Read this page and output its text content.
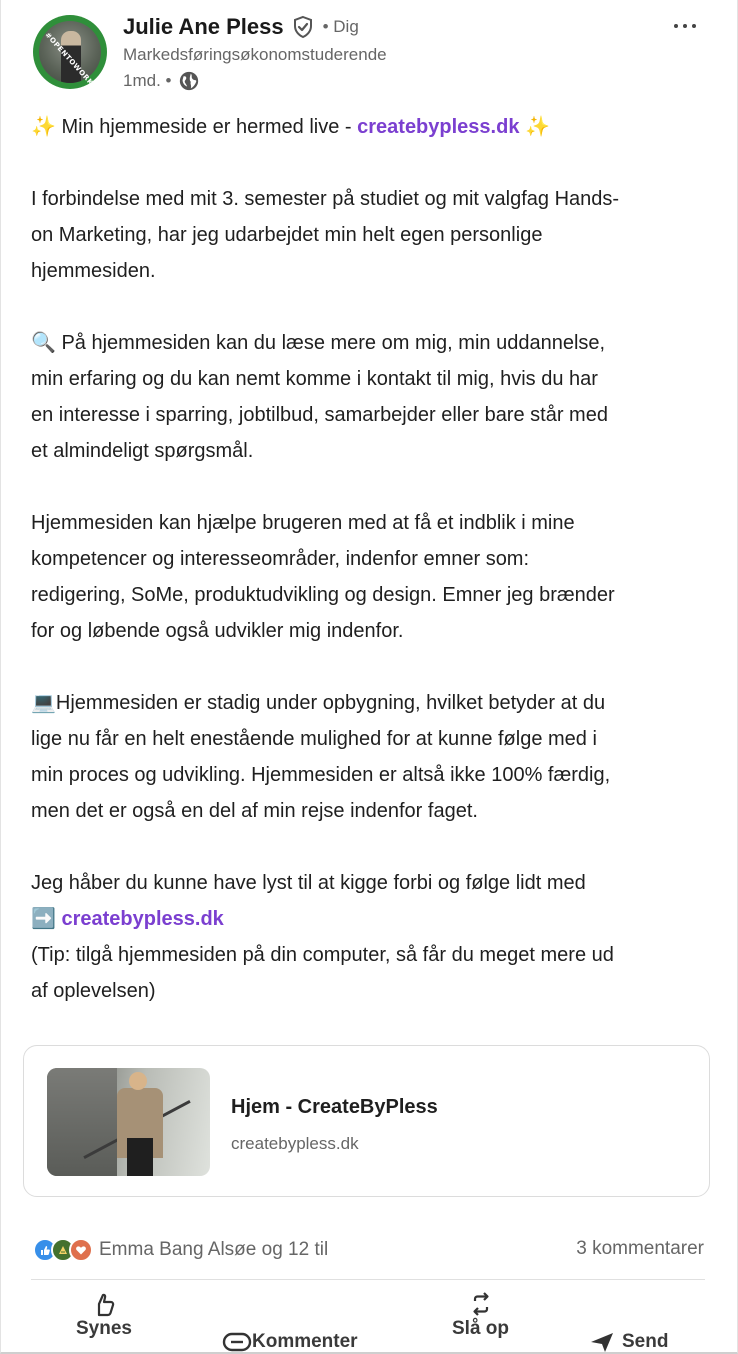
#OPENTOWORK
Julie Ane Pless • Dig
Markedsføringsøkonomstuderende
1md. •
✨ Min hjemmeside er hermed live - createbypless.dk ✨
I forbindelse med mit 3. semester på studiet og mit valgfag Hands-
on Marketing, har jeg udarbejdet min helt egen personlige
hjemmesiden.
🔍 På hjemmesiden kan du læse mere om mig, min uddannelse,
min erfaring og du kan nemt komme i kontakt til mig, hvis du har
en interesse i sparring, jobtilbud, samarbejder eller bare står med
et almindeligt spørgsmål.
Hjemmesiden kan hjælpe brugeren med at få et indblik i mine
kompetencer og interesseområder, indenfor emner som:
redigering, SoMe, produktudvikling og design. Emner jeg brænder
for og løbende også udvikler mig indenfor.
💻Hjemmesiden er stadig under opbygning, hvilket betyder at du
lige nu får en helt enestående mulighed for at kunne følge med i
min proces og udvikling. Hjemmesiden er altså ikke 100% færdig,
men det er også en del af min rejse indenfor faget.
Jeg håber du kunne have lyst til at kigge forbi og følge lidt med
➡️ createbypless.dk
(Tip: tilgå hjemmesiden på din computer, så får du meget mere ud
af oplevelsen)
Hjem - CreateByPless
createbypless.dk
Emma Bang Alsøe og 12 til	3 kommentarer
Synes
Kommenter
Slå op
Send
